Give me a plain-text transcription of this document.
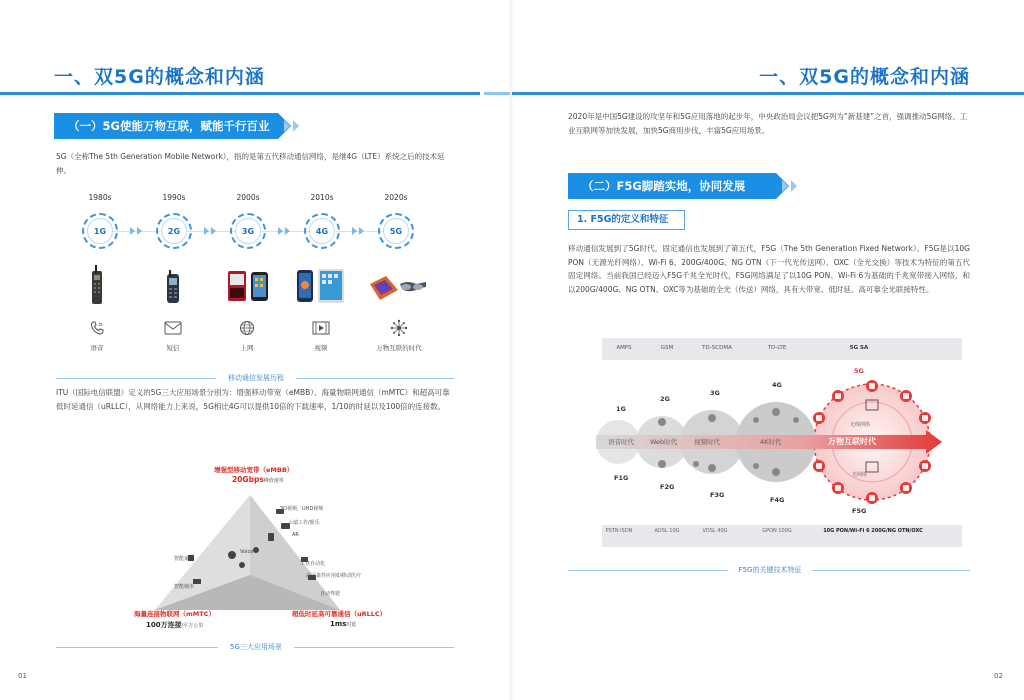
一、双5G的概念和内涵
（一）5G使能万物互联，赋能千行百业
5G（全称The 5th Generation Mobile Network），指的是第五代移动通信网络，是继4G（LTE）系统之后的技术延伸。
1980s	1990s	2000s	2010s	2020s
1G	2G	3G	4G	5G
语音	短信	上网	视频	万物互联的时代
移动通信发展历程
ITU（国际电信联盟）定义的5G三大应用场景分别为：增强移动带宽（eMBB）、海量物联网通信（mMTC）和超高可靠低时延通信（uRLLC），从网络能力上来说，5G相比4G可以提供10倍的下载速率，1/10的时延以及100倍的连接数。
增强型移动宽带（eMBB）
20Gbps峰值速率
3D视频，UHD视频
云端工作/娱乐
AR
工业自动化
高可靠性应用如移动医疗
自动驾驶
智能家居
智能城市
Voice
海量连接物联网（mMTC）
100万连接/平方公里
超低时延高可靠通信（uRLLC）
1ms时延
5G三大应用场景
01
一、双5G的概念和内涵
2020年是中国5G建设的攻坚年和5G应用落地的起步年，中央政治局会议把5G列为“新基建”之首，强调推动5G网络、工业互联网等加快发展，加快5G商用步伐，丰富5G应用场景。
（二）F5G脚踏实地，协同发展
1. F5G的定义和特征
移动通信发展到了5G时代，固定通信也发展到了第五代，F5G（The 5th Generation Fixed Network）。F5G是以10G PON（无源光纤网络）、Wi-Fi 6、200G/400G、NG OTN（下一代光传送网）、OXC（全光交换）等技术为特征的第五代固定网络。当前我国已经迈入F5G千兆全光时代，F5G网络满足了以10G PON、Wi-Fi 6为基础的千兆宽带接入网络，和以200G/400G、NG OTN、OXC等为基础的全光（传送）网络，具有大带宽、低时延、高可靠全光联接特性。
AMPS	GSM	TD-SCDMA	TD-LTE	5G SA
1G
2G
3G
4G
5G
语音时代 Web时代	视频时代	4K时代	万物互联时代
无线网络
光网络
F1G
F2G
F3G
F4G
F5G
PSTN ISDN	ADSL 10G	VDSL 40G	GPON 100G	10G PON/Wi-Fi 6 200G/NG OTN/OXC
F5G的关键技术特征
02
